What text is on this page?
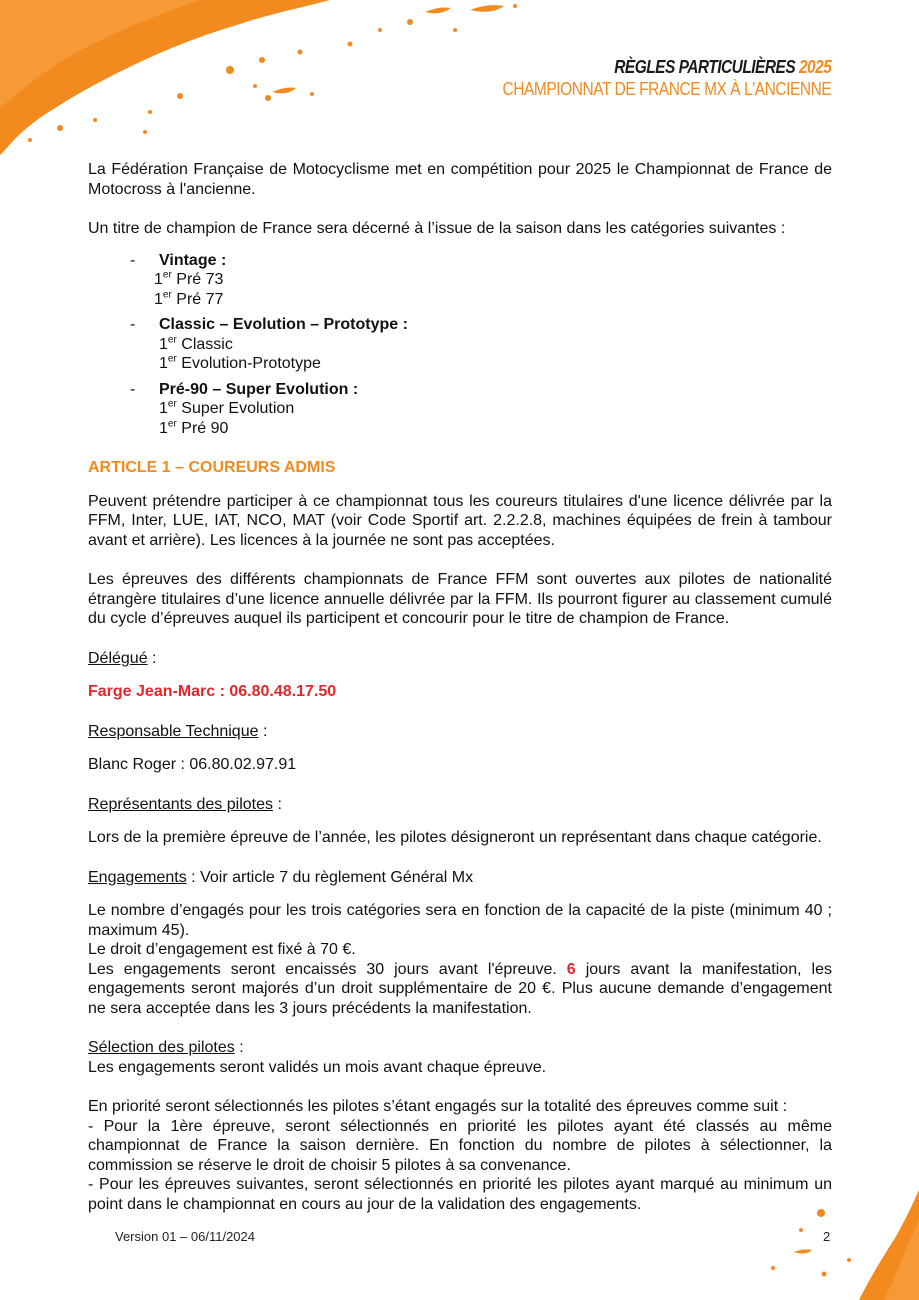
RÈGLES PARTICULIÈRES 2025
CHAMPIONNAT DE FRANCE MX À L'ANCIENNE

La Fédération Française de Motocyclisme met en compétition pour 2025 le Championnat de France de Motocross à l'ancienne.

Un titre de champion de France sera décerné à l’issue de la saison dans les catégories suivantes :

- Vintage :
1er Pré 73
1er Pré 77
- Classic – Evolution – Prototype :
1er Classic
1er Evolution-Prototype
- Pré-90 – Super Evolution :
1er Super Evolution
1er Pré 90

ARTICLE 1 – COUREURS ADMIS

Peuvent prétendre participer à ce championnat tous les coureurs titulaires d'une licence délivrée par la FFM, Inter, LUE, IAT, NCO, MAT (voir Code Sportif art. 2.2.2.8, machines équipées de frein à tambour avant et arrière). Les licences à la journée ne sont pas acceptées.

Les épreuves des différents championnats de France FFM sont ouvertes aux pilotes de nationalité étrangère titulaires d’une licence annuelle délivrée par la FFM. Ils pourront figurer au classement cumulé du cycle d’épreuves auquel ils participent et concourir pour le titre de champion de France.

Délégué :

Farge Jean-Marc : 06.80.48.17.50

Responsable Technique :

Blanc Roger : 06.80.02.97.91

Représentants des pilotes :

Lors de la première épreuve de l’année, les pilotes désigneront un représentant dans chaque catégorie.

Engagements : Voir article 7 du règlement Général Mx

Le nombre d’engagés pour les trois catégories sera en fonction de la capacité de la piste (minimum 40 ; maximum 45).

Le droit d’engagement est fixé à 70 €.

Les engagements seront encaissés 30 jours avant l'épreuve. 6 jours avant la manifestation, les engagements seront majorés d’un droit supplémentaire de 20 €. Plus aucune demande d’engagement ne sera acceptée dans les 3 jours précédents la manifestation.

Sélection des pilotes :

Les engagements seront validés un mois avant chaque épreuve.

En priorité seront sélectionnés les pilotes s’étant engagés sur la totalité des épreuves comme suit :

- Pour la 1ère épreuve, seront sélectionnés en priorité les pilotes ayant été classés au même championnat de France la saison dernière. En fonction du nombre de pilotes à sélectionner, la commission se réserve le droit de choisir 5 pilotes à sa convenance.

- Pour les épreuves suivantes, seront sélectionnés en priorité les pilotes ayant marqué au minimum un point dans le championnat en cours au jour de la validation des engagements.

Version 01 – 06/11/2024	2
